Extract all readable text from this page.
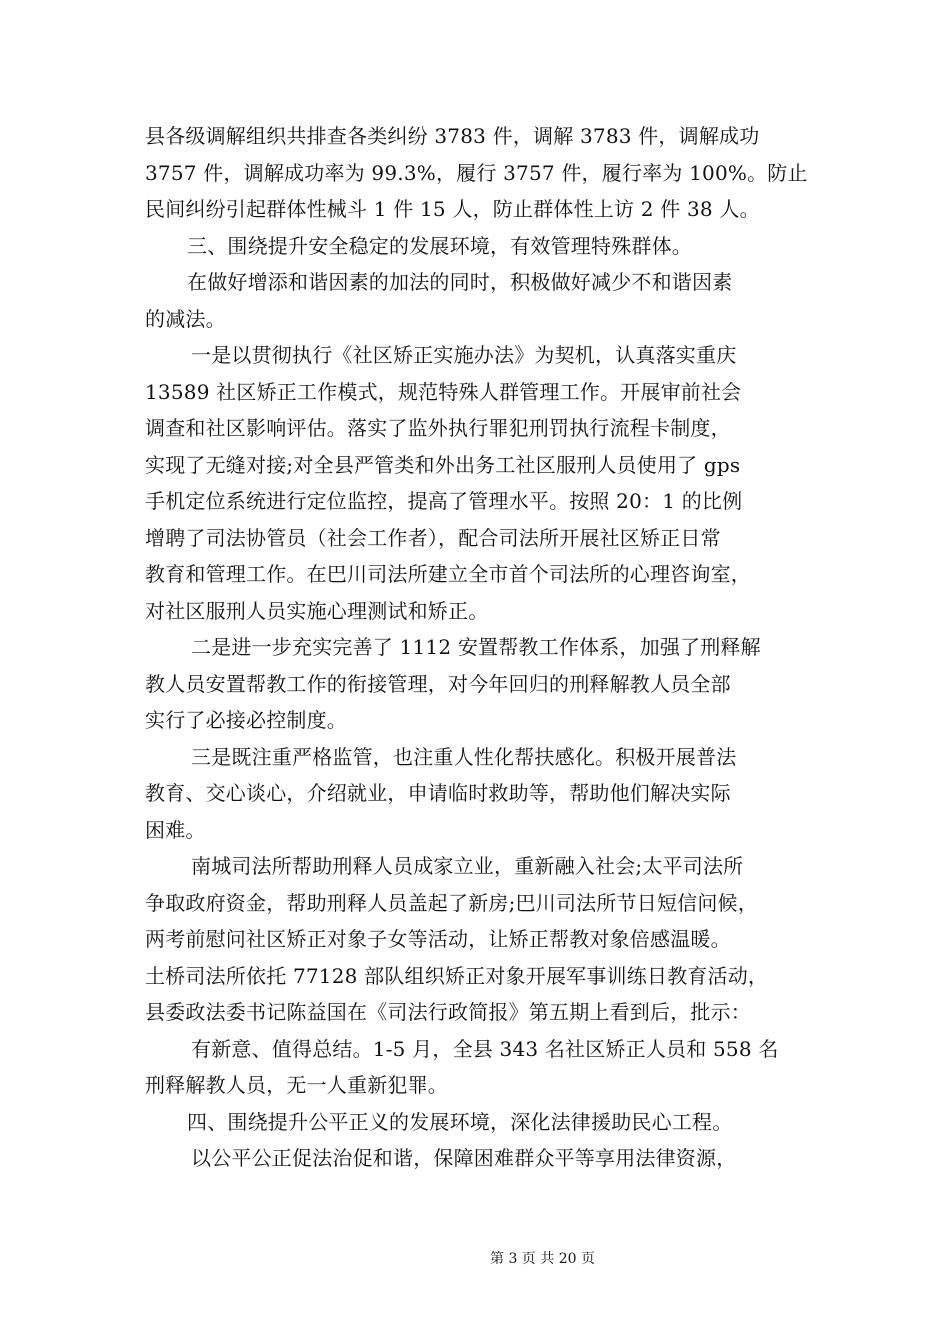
县各级调解组织共排查各类纠纷 3783 件，调解 3783 件，调解成功
3757 件，调解成功率为 99.3%，履行 3757 件，履行率为 100%。防止
民间纠纷引起群体性械斗 1 件 15 人，防止群体性上访 2 件 38 人。
三、围绕提升安全稳定的发展环境，有效管理特殊群体。
在做好增添和谐因素的加法的同时，积极做好减少不和谐因素
的减法。
一是以贯彻执行《社区矫正实施办法》为契机，认真落实重庆
13589 社区矫正工作模式，规范特殊人群管理工作。开展审前社会
调查和社区影响评估。落实了监外执行罪犯刑罚执行流程卡制度，
实现了无缝对接;对全县严管类和外出务工社区服刑人员使用了 gps
手机定位系统进行定位监控，提高了管理水平。按照 20：1 的比例
增聘了司法协管员（社会工作者），配合司法所开展社区矫正日常
教育和管理工作。在巴川司法所建立全市首个司法所的心理咨询室，
对社区服刑人员实施心理测试和矫正。
二是进一步充实完善了 1112 安置帮教工作体系，加强了刑释解
教人员安置帮教工作的衔接管理，对今年回归的刑释解教人员全部
实行了必接必控制度。
三是既注重严格监管，也注重人性化帮扶感化。积极开展普法
教育、交心谈心，介绍就业，申请临时救助等，帮助他们解决实际
困难。
南城司法所帮助刑释人员成家立业，重新融入社会;太平司法所
争取政府资金，帮助刑释人员盖起了新房;巴川司法所节日短信问候，
两考前慰问社区矫正对象子女等活动，让矫正帮教对象倍感温暖。
土桥司法所依托 77128 部队组织矫正对象开展军事训练日教育活动，
县委政法委书记陈益国在《司法行政简报》第五期上看到后，批示：
有新意、值得总结。1-5 月，全县 343 名社区矫正人员和 558 名
刑释解教人员，无一人重新犯罪。
四、围绕提升公平正义的发展环境，深化法律援助民心工程。
以公平公正促法治促和谐，保障困难群众平等享用法律资源，
第 3 页 共 20 页
